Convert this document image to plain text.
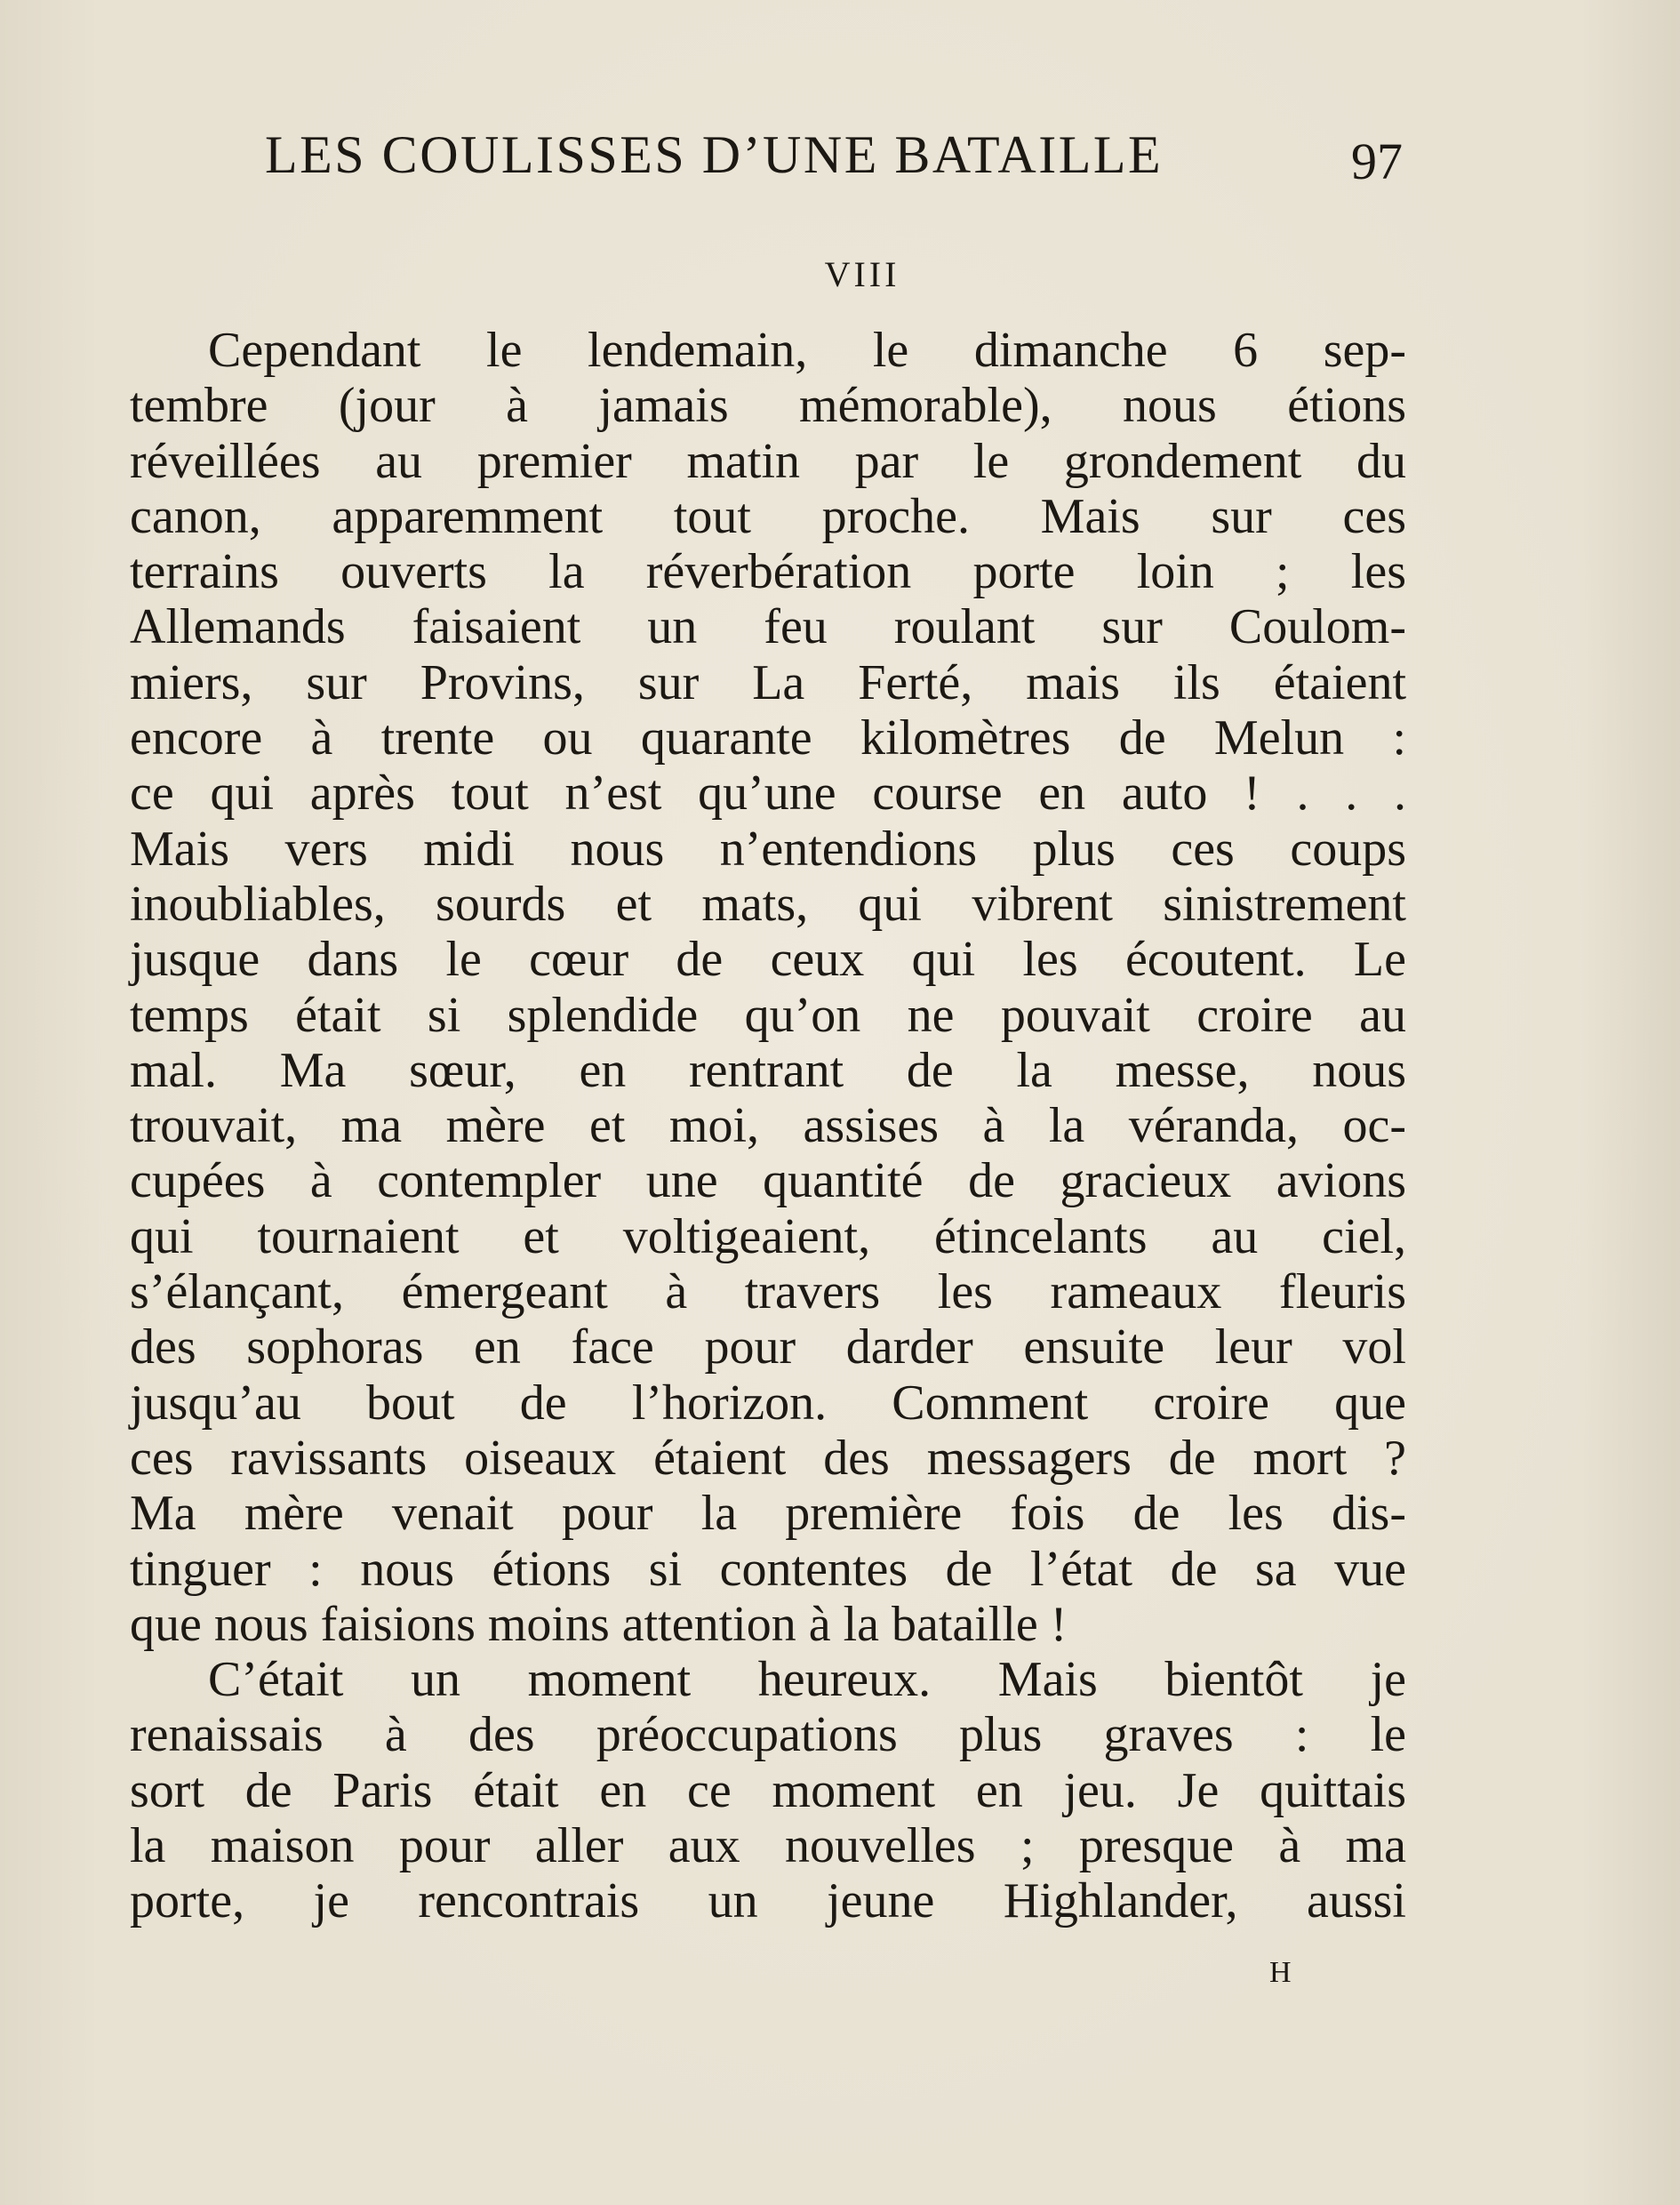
LES COULISSES D’UNE BATAILLE	97
VIII
Cependant le lendemain, le dimanche 6 sep-
tembre (jour à jamais mémorable), nous étions
réveillées au premier matin par le grondement du
canon, apparemment tout proche. Mais sur ces
terrains ouverts la réverbération porte loin ; les
Allemands faisaient un feu roulant sur Coulom-
miers, sur Provins, sur La Ferté, mais ils étaient
encore à trente ou quarante kilomètres de Melun :
ce qui après tout n’est qu’une course en auto ! . . .
Mais vers midi nous n’entendions plus ces coups
inoubliables, sourds et mats, qui vibrent sinistrement
jusque dans le cœur de ceux qui les écoutent. Le
temps était si splendide qu’on ne pouvait croire au
mal. Ma sœur, en rentrant de la messe, nous
trouvait, ma mère et moi, assises à la véranda, oc-
cupées à contempler une quantité de gracieux avions
qui tournaient et voltigeaient, étincelants au ciel,
s’élançant, émergeant à travers les rameaux fleuris
des sophoras en face pour darder ensuite leur vol
jusqu’au bout de l’horizon. Comment croire que
ces ravissants oiseaux étaient des messagers de mort ?
Ma mère venait pour la première fois de les dis-
tinguer : nous étions si contentes de l’état de sa vue
que nous faisions moins attention à la bataille !
C’était un moment heureux. Mais bientôt je
renaissais à des préoccupations plus graves : le
sort de Paris était en ce moment en jeu. Je quittais
la maison pour aller aux nouvelles ; presque à ma
porte, je rencontrais un jeune Highlander, aussi
H
